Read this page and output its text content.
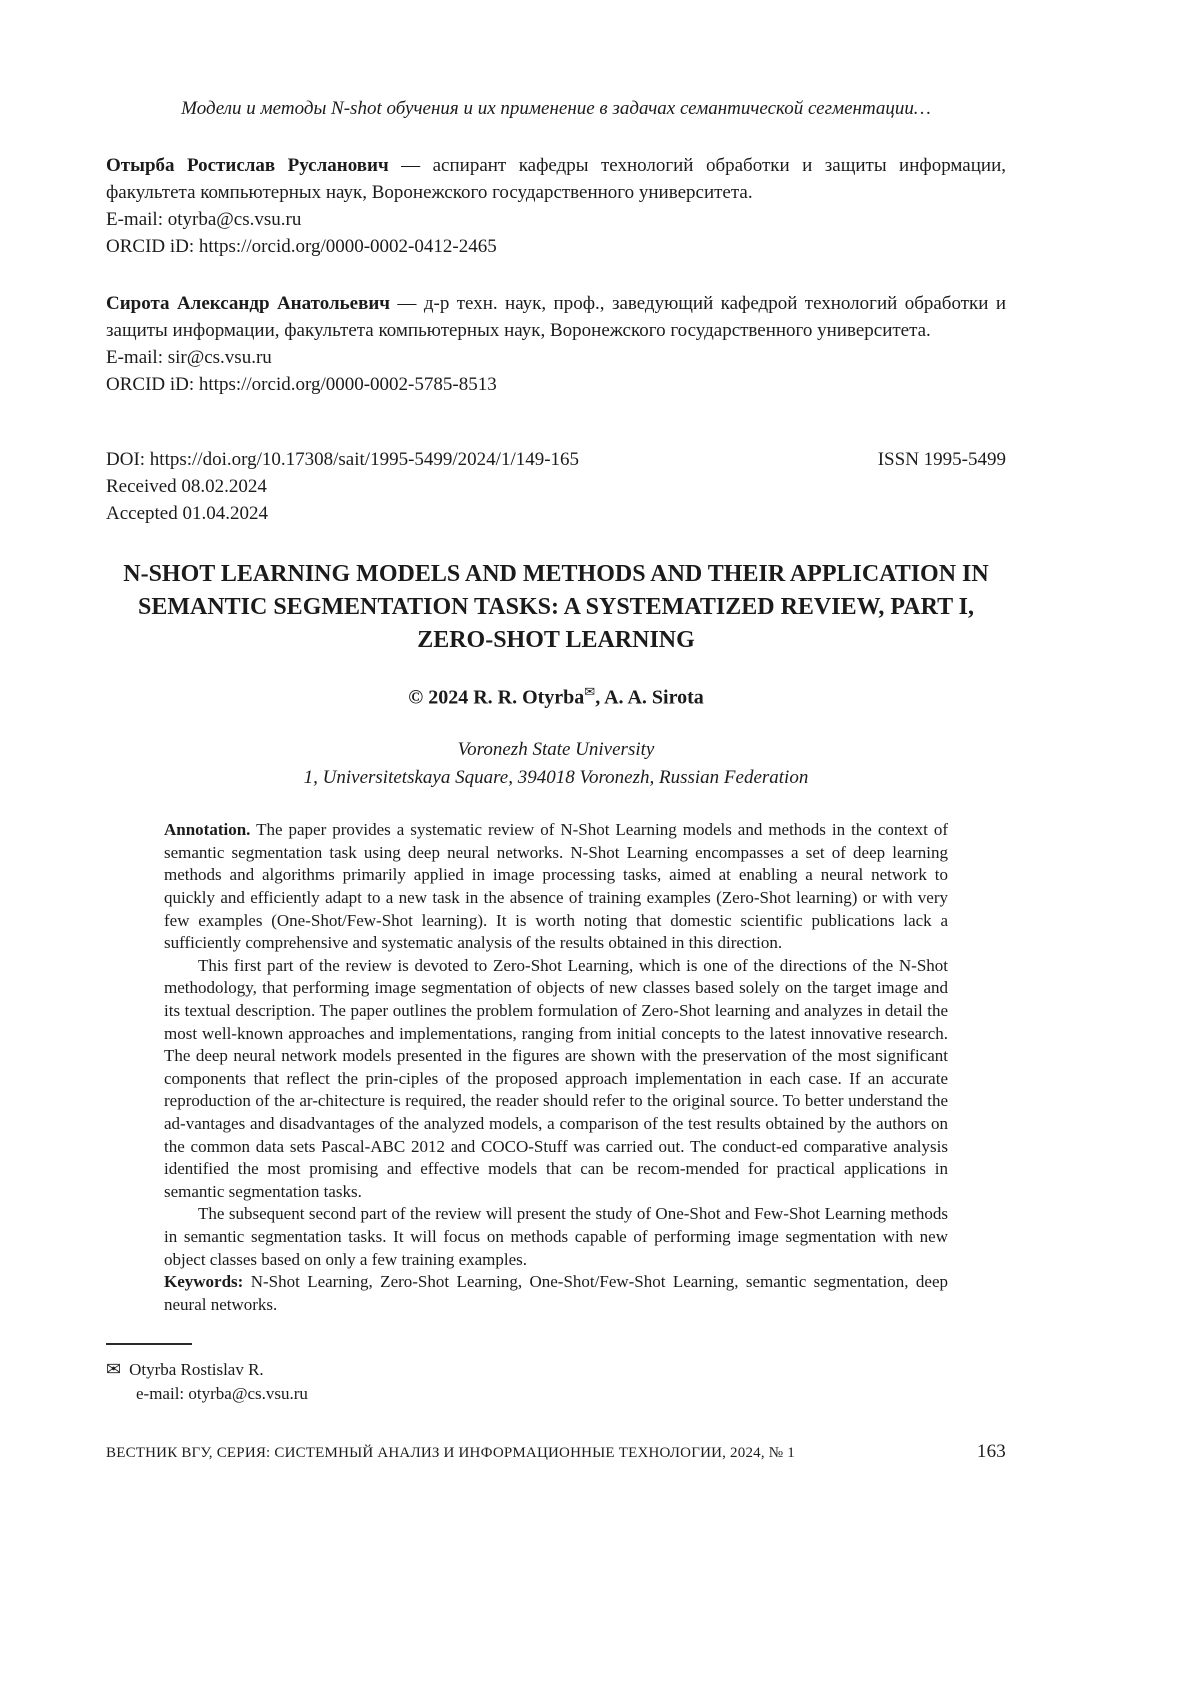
Модели и методы N-shot обучения и их применение в задачах семантической сегментации…

Отырба Ростислав Русланович — аспирант кафедры технологий обработки и защиты информации, факультета компьютерных наук, Воронежского государственного университета.

E-mail: otyrba@cs.vsu.ru

ORCID iD: https://orcid.org/0000-0002-0412-2465

Сирота Александр Анатольевич — д-р техн. наук, проф., заведующий кафедрой технологий обработки и защиты информации, факультета компьютерных наук, Воронежского государственного университета.

E-mail: sir@cs.vsu.ru

ORCID iD: https://orcid.org/0000-0002-5785-8513

DOI: https://doi.org/10.17308/sait/1995-5499/2024/1/149-165	ISSN 1995-5499
Received 08.02.2024
Accepted 01.04.2024
N-SHOT LEARNING MODELS AND METHODS AND THEIR APPLICATION IN SEMANTIC SEGMENTATION TASKS: A SYSTEMATIZED REVIEW, PART I, ZERO-SHOT LEARNING
© 2024 R. R. Otyrba✉, A. A. Sirota
Voronezh State University
1, Universitetskaya Square, 394018 Voronezh, Russian Federation

Annotation. The paper provides a systematic review of N-Shot Learning models and methods in the context of semantic segmentation task using deep neural networks. N-Shot Learning encompasses a set of deep learning methods and algorithms primarily applied in image processing tasks, aimed at enabling a neural network to quickly and efficiently adapt to a new task in the absence of training examples (Zero-Shot learning) or with very few examples (One-Shot/Few-Shot learning). It is worth noting that domestic scientific publications lack a sufficiently comprehensive and systematic analysis of the results obtained in this direction.

This first part of the review is devoted to Zero-Shot Learning, which is one of the directions of the N-Shot methodology, that performing image segmentation of objects of new classes based solely on the target image and its textual description. The paper outlines the problem formulation of Zero-Shot learning and analyzes in detail the most well-known approaches and implementations, ranging from initial concepts to the latest innovative research. The deep neural network models presented in the figures are shown with the preservation of the most significant components that reflect the prin-ciples of the proposed approach implementation in each case. If an accurate reproduction of the ar-chitecture is required, the reader should refer to the original source. To better understand the ad-vantages and disadvantages of the analyzed models, a comparison of the test results obtained by the authors on the common data sets Pascal-ABC 2012 and COCO-Stuff was carried out. The conduct-ed comparative analysis identified the most promising and effective models that can be recom-mended for practical applications in semantic segmentation tasks.

The subsequent second part of the review will present the study of One-Shot and Few-Shot Learning methods in semantic segmentation tasks. It will focus on methods capable of performing image segmentation with new object classes based on only a few training examples.

Keywords: N-Shot Learning, Zero-Shot Learning, One-Shot/Few-Shot Learning, semantic segmentation, deep neural networks.

✉ Otyrba Rostislav R.
e-mail: otyrba@cs.vsu.ru
ВЕСТНИК ВГУ, СЕРИЯ: СИСТЕМНЫЙ АНАЛИЗ И ИНФОРМАЦИОННЫЕ ТЕХНОЛОГИИ, 2024, № 1	163
